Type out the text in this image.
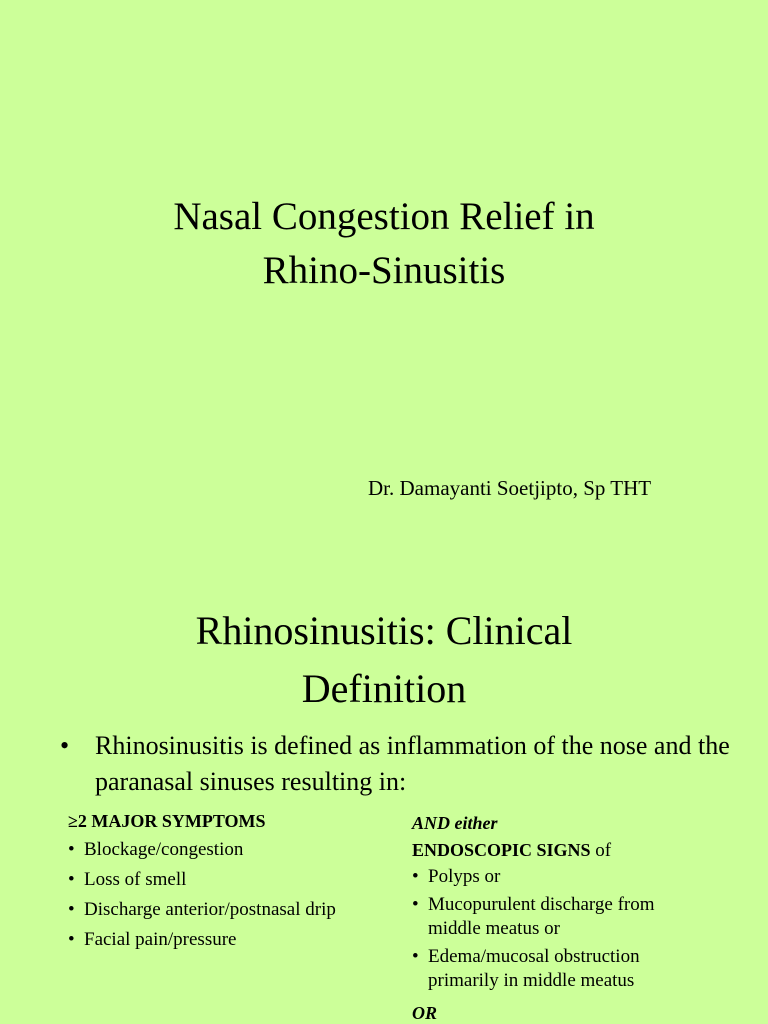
Nasal Congestion Relief in
Rhino-Sinusitis
Dr. Damayanti Soetjipto, Sp THT
Rhinosinusitis: Clinical
Definition
• Rhinosinusitis is defined as inflammation of the nose and the paranasal sinuses resulting in:
≥2 MAJOR SYMPTOMS
• Blockage/congestion
• Loss of smell
• Discharge anterior/postnasal drip
• Facial pain/pressure
AND either
ENDOSCOPIC SIGNS of
• Polyps or
• Mucopurulent discharge from
middle meatus or
• Edema/mucosal obstruction
primarily in middle meatus
OR
